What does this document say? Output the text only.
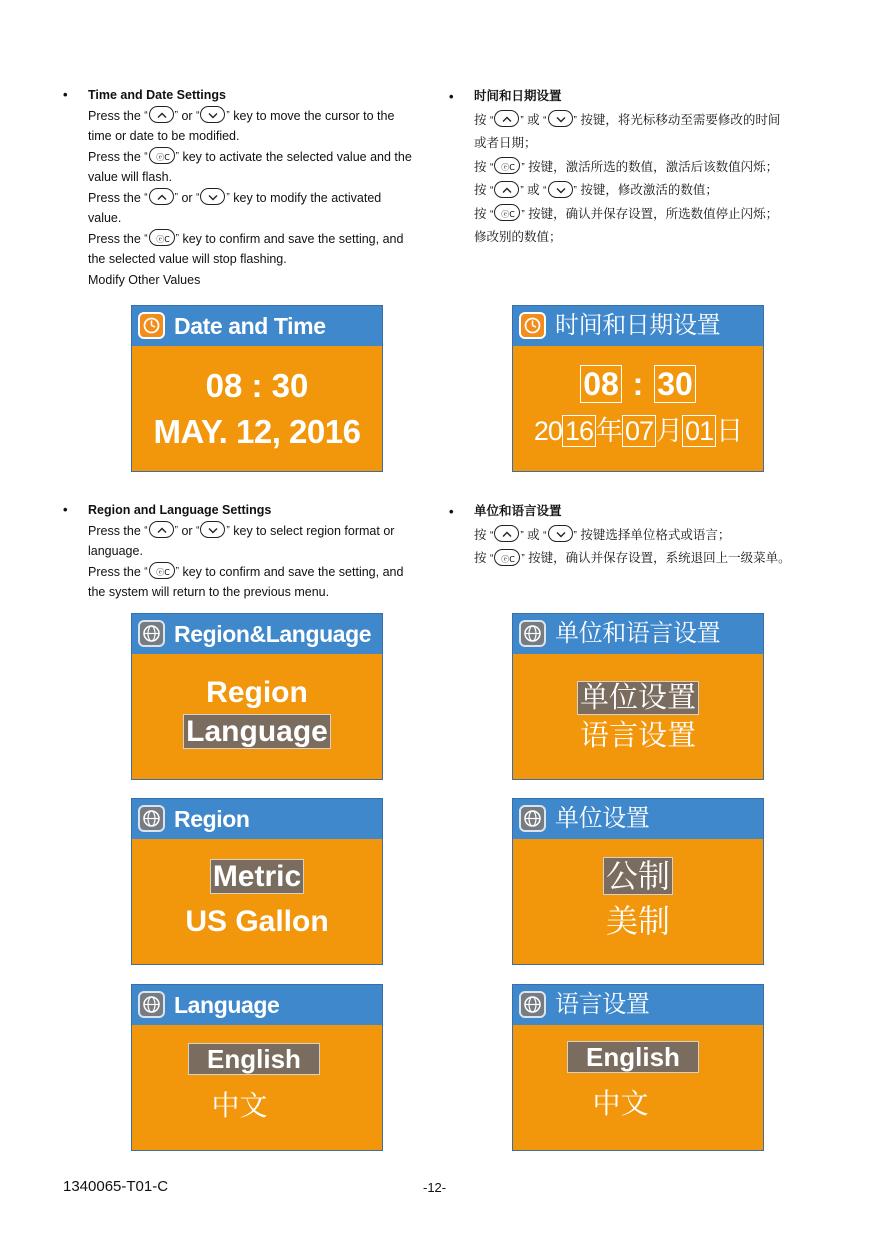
• Time and Date Settings
Press the “	” or “	” key to move the cursor to the
time or date to be modified.
Press the “ ⓔC ” key to activate the selected value and the
value will flash.
Press the “	” or “	” key to modify the activated
value.
Press the “ ⓔC ” key to confirm and save the setting, and
the selected value will stop flashing.
Modify Other Values
• 时间和日期设置
按 “	” 或 “	” 按键，将光标移动至需要修改的时间
或者日期；
按 “ ⓔC ” 按键，激活所选的数值，激活后该数值闪烁；
按 “	” 或 “	” 按键，修改激活的数值；
按 “ ⓔC ” 按键，确认并保存设置，所选数值停止闪烁；
修改别的数值；
Date and Time
08 : 30
MAY. 12, 2016
时间和日期设置
08 : 30
20 16 年 07 月 01 日
• Region and Language Settings
Press the “	” or “	” key to select region format or
language.
Press the “ ⓔC ” key to confirm and save the setting, and
the system will return to the previous menu.
• 单位和语言设置
按 “	” 或 “	” 按键选择单位格式或语言；
按 “ ⓔC ” 按键，确认并保存设置，系统退回上一级菜单。
Region&Language
Region
Language
单位和语言设置
单位设置
语言设置
Region
Metric
US Gallon
单位设置
公制
美制
Language
English
中文
语言设置
English
中文
1340065-T01-C	-12-
